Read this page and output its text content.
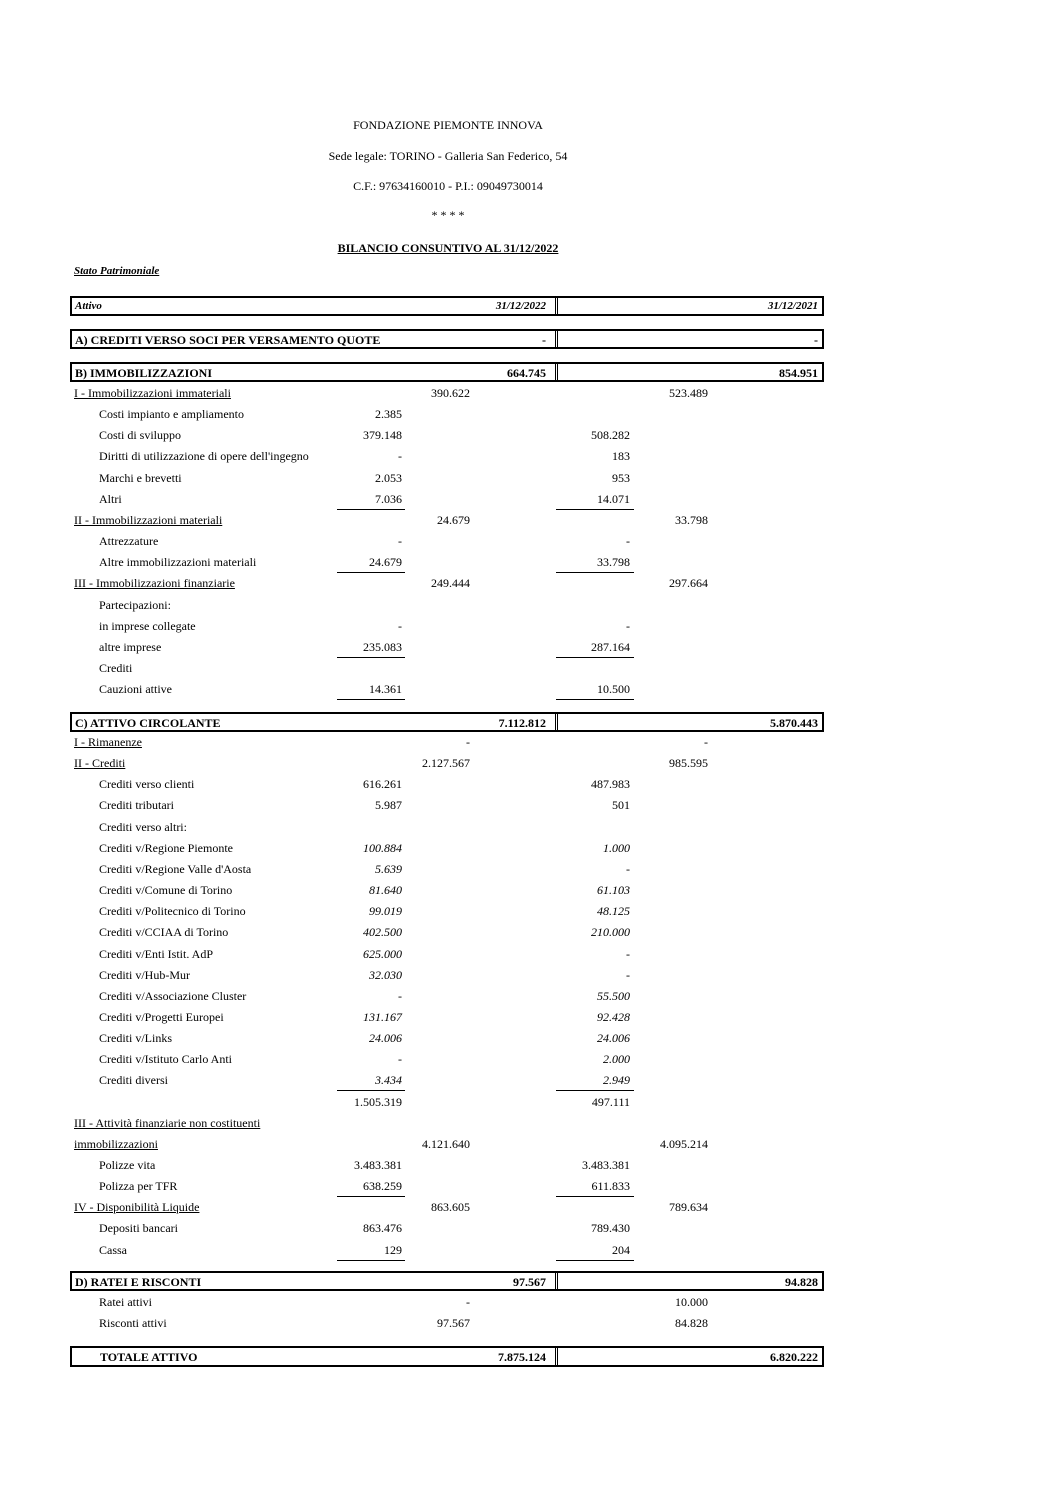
FONDAZIONE PIEMONTE INNOVA
Sede legale: TORINO - Galleria San Federico, 54
C.F.: 97634160010 - P.I.: 09049730014
* * * *
BILANCIO CONSUNTIVO AL 31/12/2022
Stato Patrimoniale
Attivo	31/12/2022	31/12/2021
A) CREDITI VERSO SOCI PER VERSAMENTO QUOTE	-	-
B) IMMOBILIZZAZIONI	664.745	854.951
I - Immobilizzazioni immateriali	390.622	523.489
Costi impianto e ampliamento	2.385
Costi di sviluppo	379.148	508.282
Diritti di utilizzazione di opere dell'ingegno	-	183
Marchi e brevetti	2.053	953
Altri	7.036	14.071
II - Immobilizzazioni materiali	24.679	33.798
Attrezzature	-	-
Altre immobilizzazioni materiali	24.679	33.798
III - Immobilizzazioni finanziarie	249.444	297.664
Partecipazioni:
in imprese collegate	-	-
altre imprese	235.083	287.164
Crediti
Cauzioni attive	14.361	10.500
C) ATTIVO CIRCOLANTE	7.112.812	5.870.443
I - Rimanenze	-	-
II - Crediti	2.127.567	985.595
Crediti verso clienti	616.261	487.983
Crediti tributari	5.987	501
Crediti verso altri:
Crediti v/Regione Piemonte	100.884	1.000
Crediti v/Regione Valle d'Aosta	5.639	-
Crediti v/Comune di Torino	81.640	61.103
Crediti v/Politecnico di Torino	99.019	48.125
Crediti v/CCIAA di Torino	402.500	210.000
Crediti v/Enti Istit. AdP	625.000	-
Crediti v/Hub-Mur	32.030	-
Crediti v/Associazione Cluster	-	55.500
Crediti v/Progetti Europei	131.167	92.428
Crediti v/Links	24.006	24.006
Crediti v/Istituto Carlo Anti	-	2.000
Crediti diversi	3.434	2.949
1.505.319	497.111
III - Attività finanziarie non costituenti
immobilizzazioni	4.121.640	4.095.214
Polizze vita	3.483.381	3.483.381
Polizza per TFR	638.259	611.833
IV - Disponibilità Liquide	863.605	789.634
Depositi bancari	863.476	789.430
Cassa	129	204
D) RATEI E RISCONTI	97.567	94.828
Ratei attivi	-	10.000
Risconti attivi	97.567	84.828
TOTALE ATTIVO	7.875.124	6.820.222
